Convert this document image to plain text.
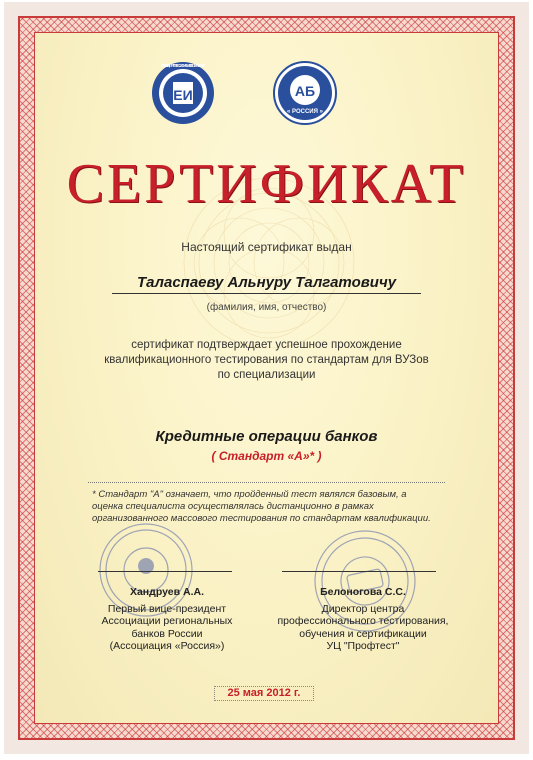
ЕИ
ПРОФ ТЕСТ · ЦЕНТР ПРОФЕССИОНАЛЬНОГО ТЕСТИРОВАНИЯ
АБ
« РОССИЯ »
СЕРТИФИКАТ
Настоящий сертификат выдан
Таласпаеву Альнуру Талгатовичу
(фамилия, имя, отчество)
сертификат подтверждает успешное прохождение
квалификационного тестирования по стандартам для ВУЗов
по специализации
Кредитные операции банков
( Стандарт «А»* )
* Стандарт "А" означает, что пройденный тест являлся базовым, а оценка специалиста осуществлялась дистанционно в рамках организованного массового тестирования по стандартам квалификации.
Хандруев А.А.
Первый вице-президент
Ассоциации региональных
банков России
(Ассоциация «Россия»)
Белоногова С.С.
Директор центра
профессионального тестирования,
обучения и сертификации
УЦ "Профтест"
25 мая 2012 г.
